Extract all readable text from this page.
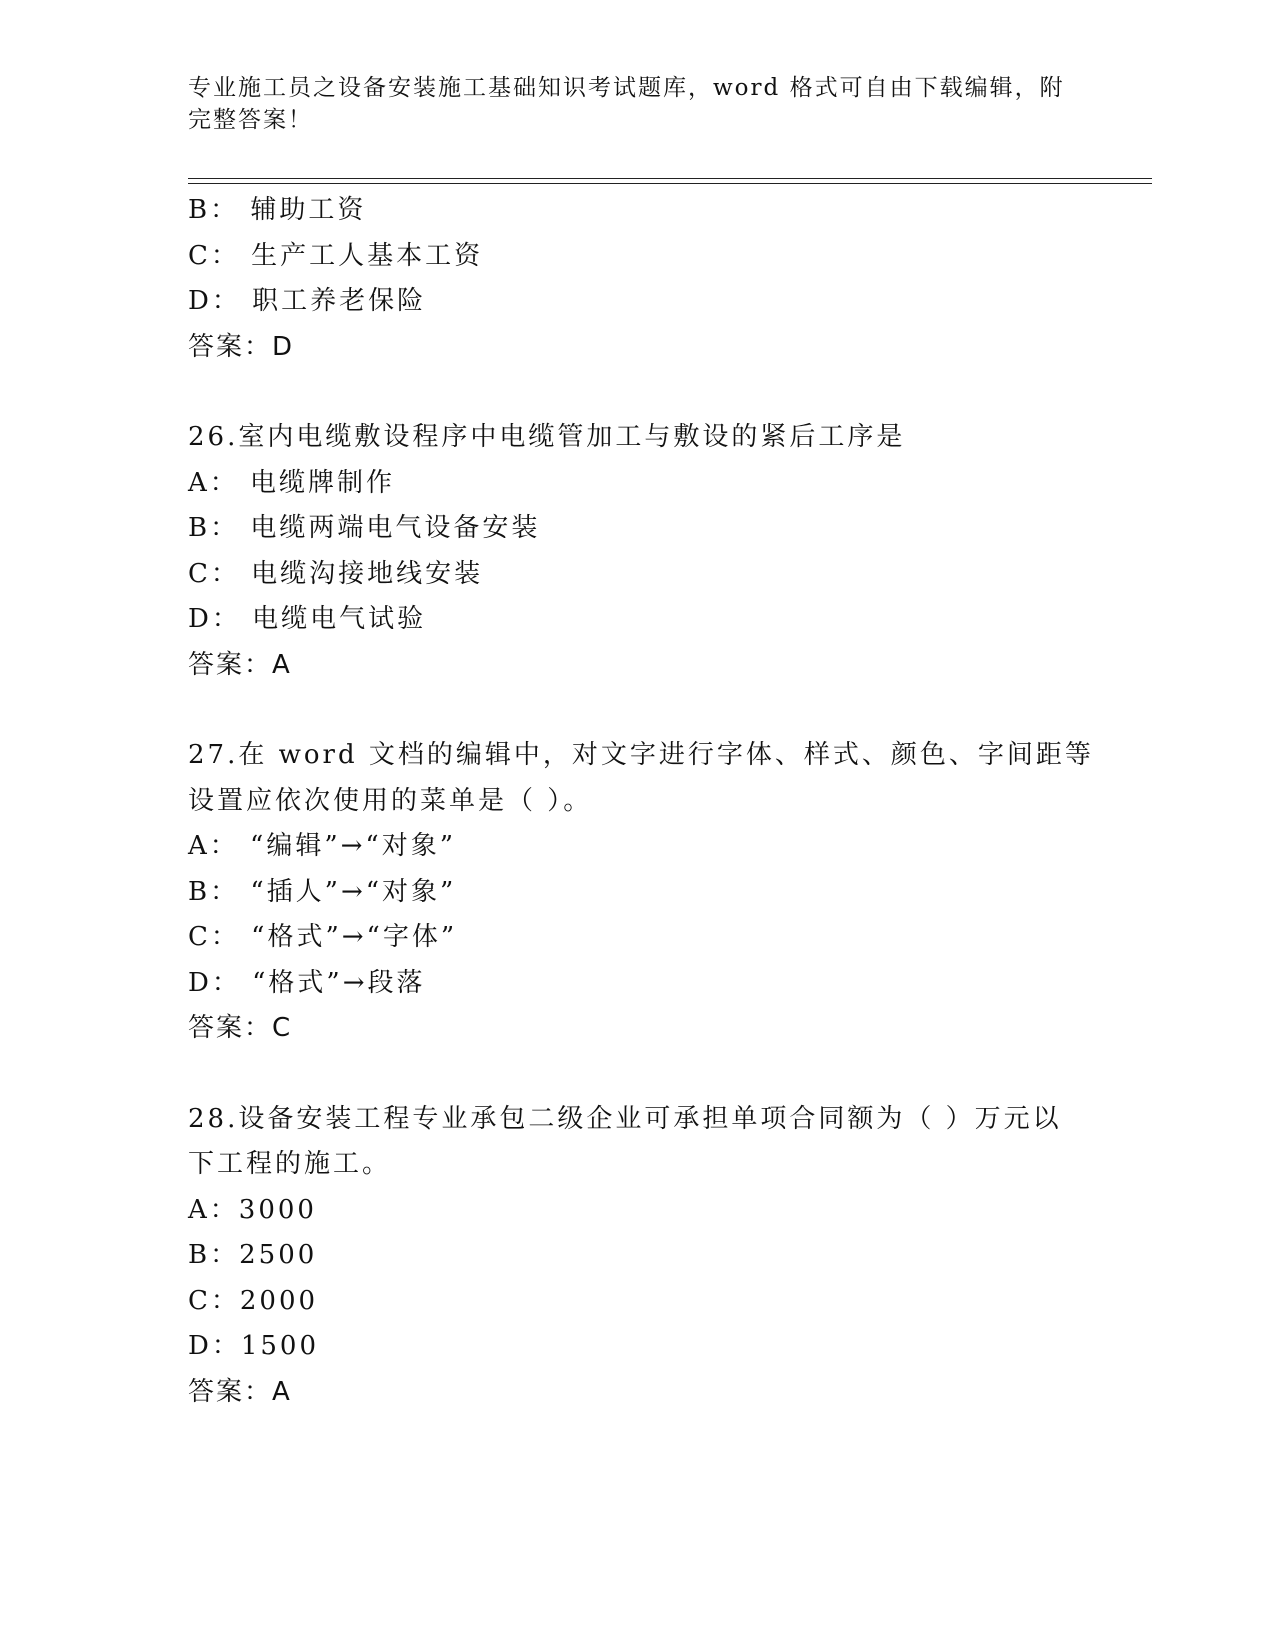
专业施工员之设备安装施工基础知识考试题库，word 格式可自由下载编辑，附完整答案！
B： 辅助工资
C： 生产工人基本工资
D： 职工养老保险
答案：D
26.室内电缆敷设程序中电缆管加工与敷设的紧后工序是
A： 电缆牌制作
B： 电缆两端电气设备安装
C： 电缆沟接地线安装
D： 电缆电气试验
答案：A
27.在 word 文档的编辑中，对文字进行字体、样式、颜色、字间距等
设置应依次使用的菜单是（ ）。
A： “编辑”→“对象”
B： “插人”→“对象”
C： “格式”→“字体”
D： “格式”→段落
答案：C
28.设备安装工程专业承包二级企业可承担单项合同额为（ ）万元以
下工程的施工。
A：3000
B：2500
C：2000
D：1500
答案：A
